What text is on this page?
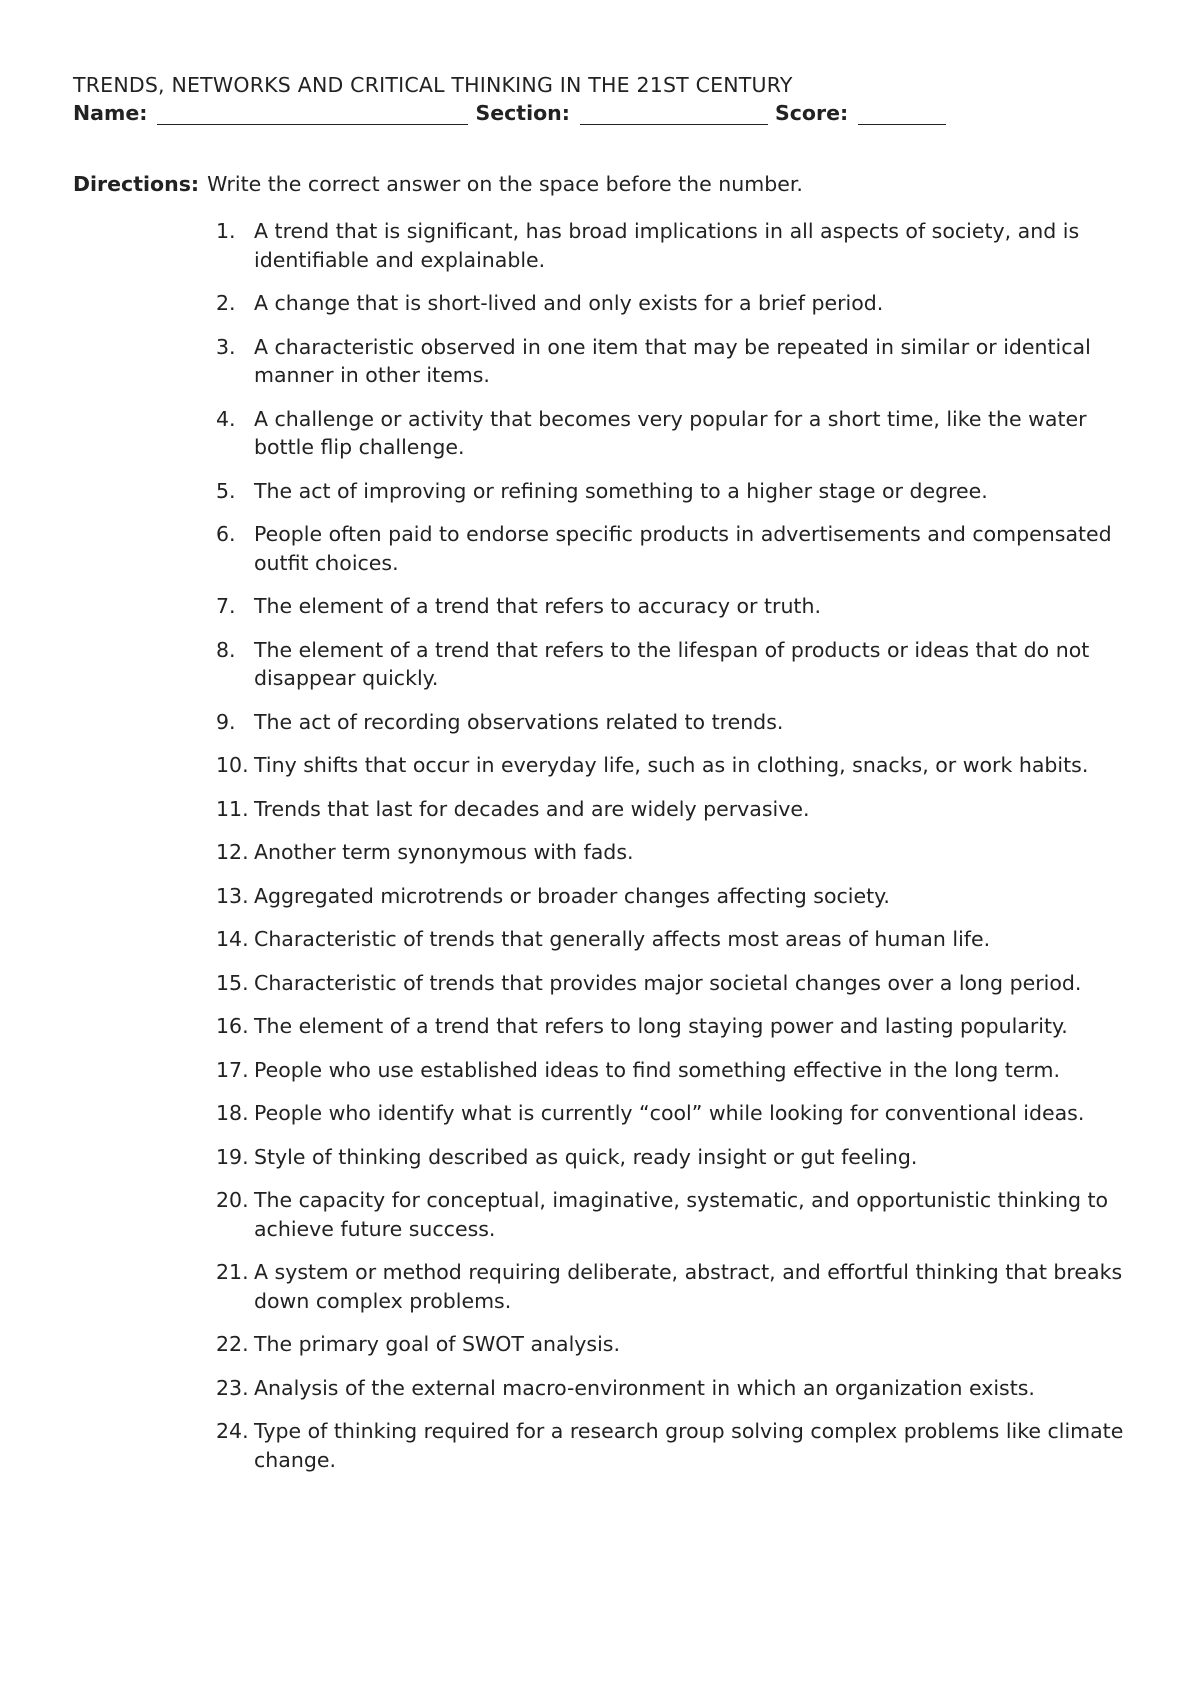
TRENDS, NETWORKS AND CRITICAL THINKING IN THE 21ST CENTURY
Name:	Section:	Score:
Directions: Write the correct answer on the space before the number.
1. A trend that is significant, has broad implications in all aspects of society, and is identifiable and explainable.
2. A change that is short-lived and only exists for a brief period.
3. A characteristic observed in one item that may be repeated in similar or identical manner in other items.
4. A challenge or activity that becomes very popular for a short time, like the water bottle flip challenge.
5. The act of improving or refining something to a higher stage or degree.
6. People often paid to endorse specific products in advertisements and compensated outfit choices.
7. The element of a trend that refers to accuracy or truth.
8. The element of a trend that refers to the lifespan of products or ideas that do not disappear quickly.
9. The act of recording observations related to trends.
10. Tiny shifts that occur in everyday life, such as in clothing, snacks, or work habits.
11. Trends that last for decades and are widely pervasive.
12. Another term synonymous with fads.
13. Aggregated microtrends or broader changes affecting society.
14. Characteristic of trends that generally affects most areas of human life.
15. Characteristic of trends that provides major societal changes over a long period.
16. The element of a trend that refers to long staying power and lasting popularity.
17. People who use established ideas to find something effective in the long term.
18. People who identify what is currently “cool” while looking for conventional ideas.
19. Style of thinking described as quick, ready insight or gut feeling.
20. The capacity for conceptual, imaginative, systematic, and opportunistic thinking to achieve future success.
21. A system or method requiring deliberate, abstract, and effortful thinking that breaks down complex problems.
22. The primary goal of SWOT analysis.
23. Analysis of the external macro-environment in which an organization exists.
24. Type of thinking required for a research group solving complex problems like climate change.
